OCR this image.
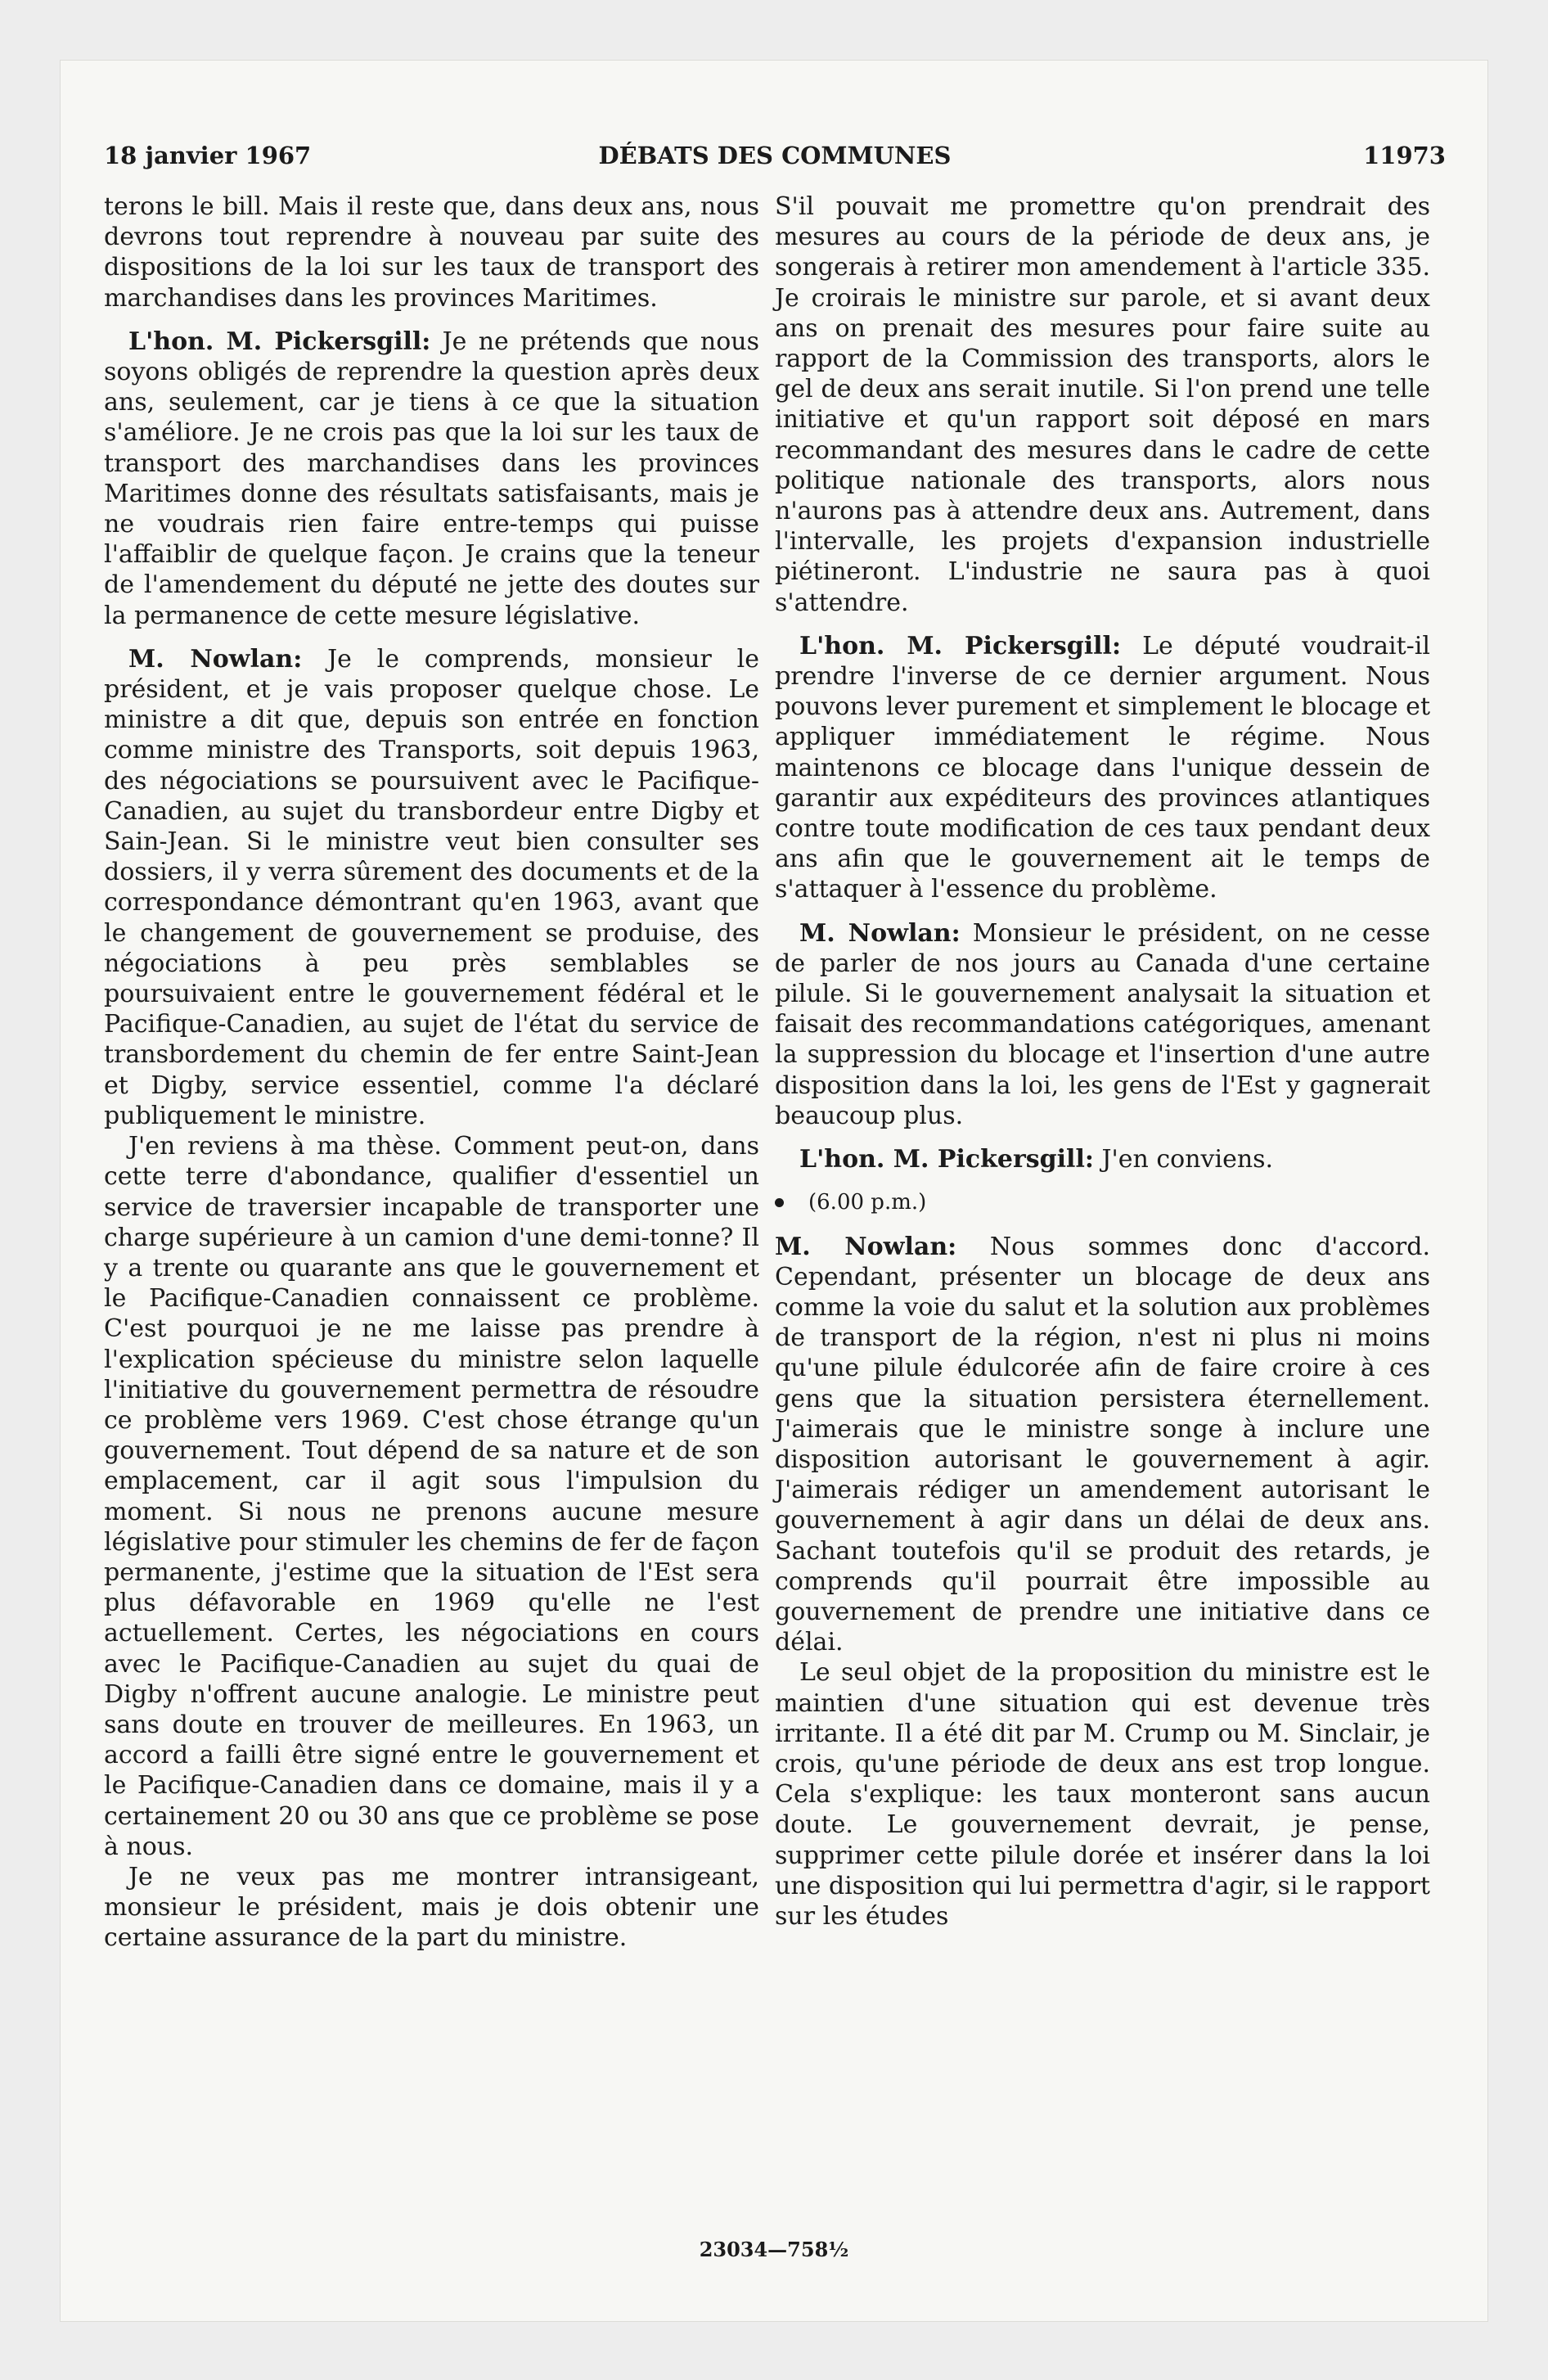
18 janvier 1967	DÉBATS DES COMMUNES	11973

terons le bill. Mais il reste que, dans deux ans, nous devrons tout reprendre à nouveau par suite des dispositions de la loi sur les taux de transport des marchandises dans les provinces Maritimes.

L'hon. M. Pickersgill: Je ne prétends que nous soyons obligés de reprendre la question après deux ans, seulement, car je tiens à ce que la situation s'améliore. Je ne crois pas que la loi sur les taux de transport des marchandises dans les provinces Maritimes donne des résultats satisfaisants, mais je ne voudrais rien faire entre-temps qui puisse l'affaiblir de quelque façon. Je crains que la teneur de l'amendement du député ne jette des doutes sur la permanence de cette mesure législative.

M. Nowlan: Je le comprends, monsieur le président, et je vais proposer quelque chose. Le ministre a dit que, depuis son entrée en fonction comme ministre des Transports, soit depuis 1963, des négociations se poursuivent avec le Pacifique-Canadien, au sujet du transbordeur entre Digby et Sain-Jean. Si le ministre veut bien consulter ses dossiers, il y verra sûrement des documents et de la correspondance démontrant qu'en 1963, avant que le changement de gouvernement se produise, des négociations à peu près semblables se poursuivaient entre le gouvernement fédéral et le Pacifique-Canadien, au sujet de l'état du service de transbordement du chemin de fer entre Saint-Jean et Digby, service essentiel, comme l'a déclaré publiquement le ministre.

J'en reviens à ma thèse. Comment peut-on, dans cette terre d'abondance, qualifier d'essentiel un service de traversier incapable de transporter une charge supérieure à un camion d'une demi-tonne? Il y a trente ou quarante ans que le gouvernement et le Pacifique-Canadien connaissent ce problème. C'est pourquoi je ne me laisse pas prendre à l'explication spécieuse du ministre selon laquelle l'initiative du gouvernement permettra de résoudre ce problème vers 1969. C'est chose étrange qu'un gouvernement. Tout dépend de sa nature et de son emplacement, car il agit sous l'impulsion du moment. Si nous ne prenons aucune mesure législative pour stimuler les chemins de fer de façon permanente, j'estime que la situation de l'Est sera plus défavorable en 1969 qu'elle ne l'est actuellement. Certes, les négociations en cours avec le Pacifique-Canadien au sujet du quai de Digby n'offrent aucune analogie. Le ministre peut sans doute en trouver de meilleures. En 1963, un accord a failli être signé entre le gouvernement et le Pacifique-Canadien dans ce domaine, mais il y a certainement 20 ou 30 ans que ce problème se pose à nous.

Je ne veux pas me montrer intransigeant, monsieur le président, mais je dois obtenir une certaine assurance de la part du ministre.

S'il pouvait me promettre qu'on prendrait des mesures au cours de la période de deux ans, je songerais à retirer mon amendement à l'article 335. Je croirais le ministre sur parole, et si avant deux ans on prenait des mesures pour faire suite au rapport de la Commission des transports, alors le gel de deux ans serait inutile. Si l'on prend une telle initiative et qu'un rapport soit déposé en mars recommandant des mesures dans le cadre de cette politique nationale des transports, alors nous n'aurons pas à attendre deux ans. Autrement, dans l'intervalle, les projets d'expansion industrielle piétineront. L'industrie ne saura pas à quoi s'attendre.

L'hon. M. Pickersgill: Le député voudrait-il prendre l'inverse de ce dernier argument. Nous pouvons lever purement et simplement le blocage et appliquer immédiatement le régime. Nous maintenons ce blocage dans l'unique dessein de garantir aux expéditeurs des provinces atlantiques contre toute modification de ces taux pendant deux ans afin que le gouvernement ait le temps de s'attaquer à l'essence du problème.

M. Nowlan: Monsieur le président, on ne cesse de parler de nos jours au Canada d'une certaine pilule. Si le gouvernement analysait la situation et faisait des recommandations catégoriques, amenant la suppression du blocage et l'insertion d'une autre disposition dans la loi, les gens de l'Est y gagnerait beaucoup plus.

L'hon. M. Pickersgill: J'en conviens.

(6.00 p.m.)

M. Nowlan: Nous sommes donc d'accord. Cependant, présenter un blocage de deux ans comme la voie du salut et la solution aux problèmes de transport de la région, n'est ni plus ni moins qu'une pilule édulcorée afin de faire croire à ces gens que la situation persistera éternellement. J'aimerais que le ministre songe à inclure une disposition autorisant le gouvernement à agir. J'aimerais rédiger un amendement autorisant le gouvernement à agir dans un délai de deux ans. Sachant toutefois qu'il se produit des retards, je comprends qu'il pourrait être impossible au gouvernement de prendre une initiative dans ce délai.

Le seul objet de la proposition du ministre est le maintien d'une situation qui est devenue très irritante. Il a été dit par M. Crump ou M. Sinclair, je crois, qu'une période de deux ans est trop longue. Cela s'explique: les taux monteront sans aucun doute. Le gouvernement devrait, je pense, supprimer cette pilule dorée et insérer dans la loi une disposition qui lui permettra d'agir, si le rapport sur les études

23034—758½
